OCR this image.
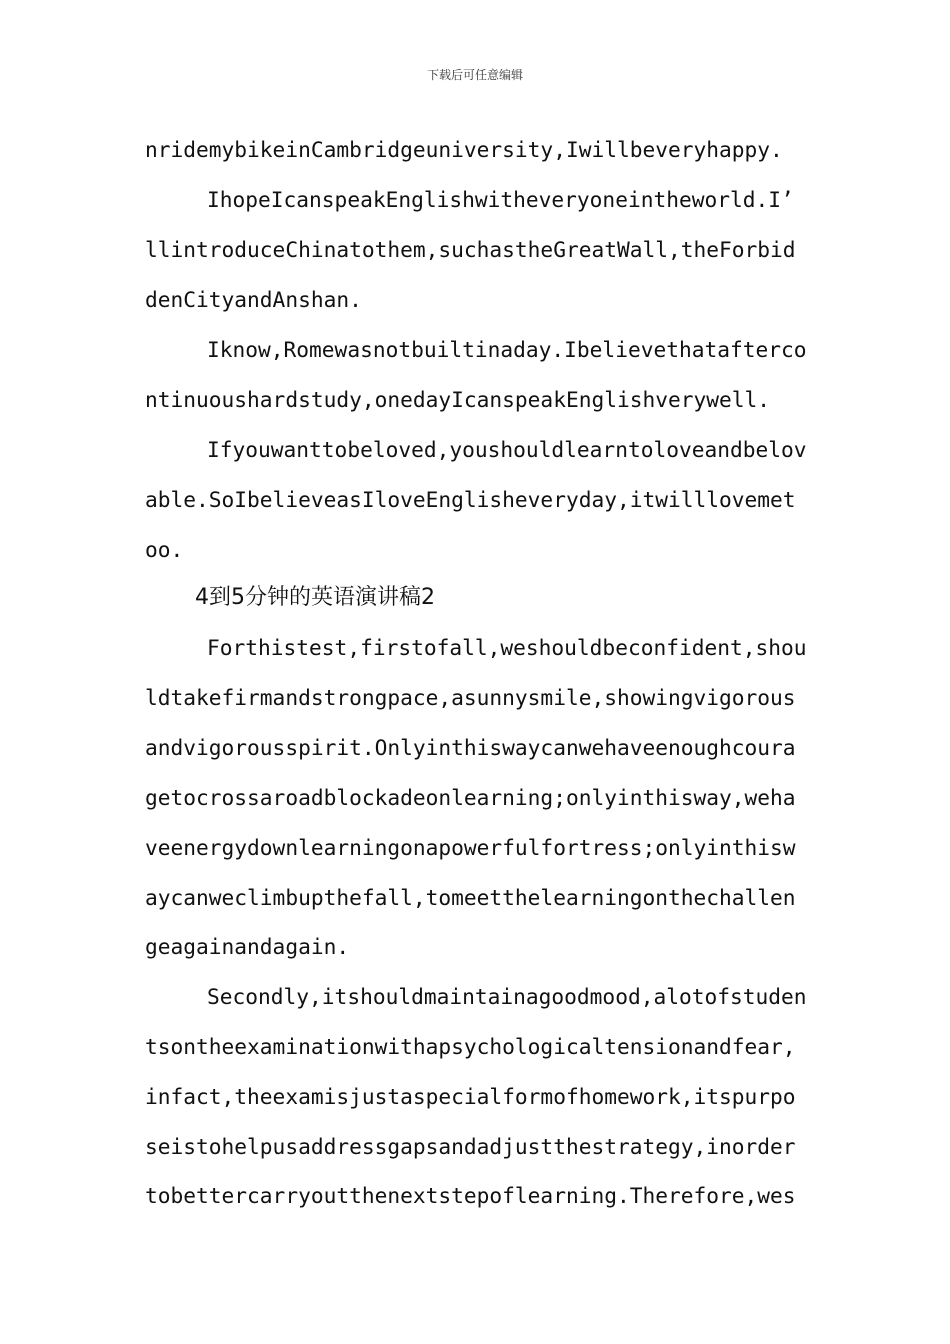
下载后可任意编辑
nridemybikeinCambridgeuniversity,Iwillbeveryhappy.
IhopeIcanspeakEnglishwitheveryoneintheworld.I’
llintroduceChinatothem,suchastheGreatWall,theForbid
denCityandAnshan.
Iknow,Romewasnotbuiltinaday.Ibelievethatafterco
ntinuoushardstudy,onedayIcanspeakEnglishverywell.
Ifyouwanttobeloved,youshouldlearntoloveandbelov
able.SoIbelieveasIloveEnglisheveryday,itwilllovemet
oo.
4到5分钟的英语演讲稿2
Forthistest,firstofall,weshouldbeconfident,shou
ldtakefirmandstrongpace,asunnysmile,showingvigorous
andvigorousspirit.Onlyinthiswaycanwehaveenoughcoura
getocrossaroadblockadeonlearning;onlyinthisway,weha
veenergydownlearningonapowerfulfortress;onlyinthisw
aycanweclimbupthefall,tomeetthelearningonthechallen
geagainandagain.
Secondly,itshouldmaintainagoodmood,alotofstuden
tsontheexaminationwithapsychologicaltensionandfear,
infact,theexamisjustaspecialformofhomework,itspurpo
seistohelpusaddressgapsandadjustthestrategy,inorder
tobettercarryoutthenextstepoflearning.Therefore,wes
